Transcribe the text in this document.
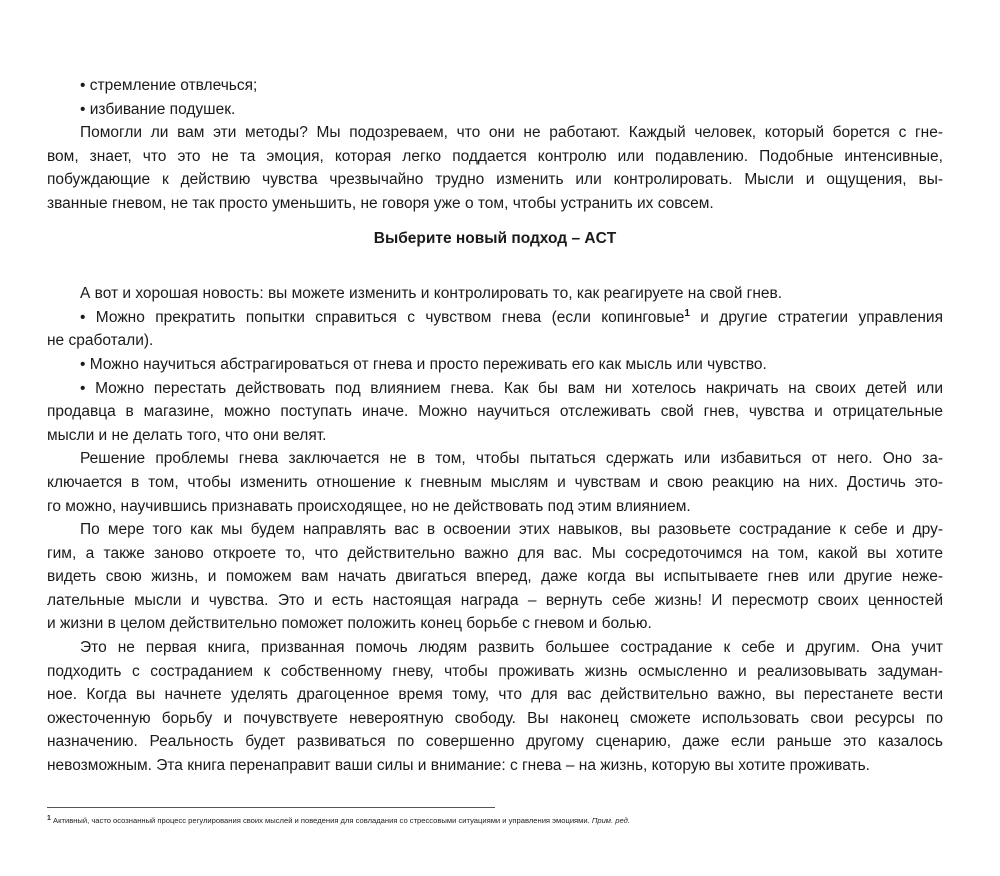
• стремление отвлечься;
• избивание подушек.
Помогли ли вам эти методы? Мы подозреваем, что они не работают. Каждый человек, который борется с гне-
вом, знает, что это не та эмоция, которая легко поддается контролю или подавлению. Подобные интенсивные,
побуждающие к действию чувства чрезвычайно трудно изменить или контролировать. Мысли и ощущения, вы-
званные гневом, не так просто уменьшить, не говоря уже о том, чтобы устранить их совсем.
Выберите новый подход – ACT
А вот и хорошая новость: вы можете изменить и контролировать то, как реагируете на свой гнев.
• Можно прекратить попытки справиться с чувством гнева (если копинговые$^1$ и другие стратегии управления
не сработали).
• Можно научиться абстрагироваться от гнева и просто переживать его как мысль или чувство.
• Можно перестать действовать под влиянием гнева. Как бы вам ни хотелось накричать на своих детей или
продавца в магазине, можно поступать иначе. Можно научиться отслеживать свой гнев, чувства и отрицательные
мысли и не делать того, что они велят.
Решение проблемы гнева заключается не в том, чтобы пытаться сдержать или избавиться от него. Оно за-
ключается в том, чтобы изменить отношение к гневным мыслям и чувствам и свою реакцию на них. Достичь это-
го можно, научившись признавать происходящее, но не действовать под этим влиянием.
По мере того как мы будем направлять вас в освоении этих навыков, вы разовьете сострадание к себе и дру-
гим, а также заново откроете то, что действительно важно для вас. Мы сосредоточимся на том, какой вы хотите
видеть свою жизнь, и поможем вам начать двигаться вперед, даже когда вы испытываете гнев или другие неже-
лательные мысли и чувства. Это и есть настоящая награда – вернуть себе жизнь! И пересмотр своих ценностей
и жизни в целом действительно поможет положить конец борьбе с гневом и болью.
Это не первая книга, призванная помочь людям развить большее сострадание к себе и другим. Она учит
подходить с состраданием к собственному гневу, чтобы проживать жизнь осмысленно и реализовывать задуман-
ное. Когда вы начнете уделять драгоценное время тому, что для вас действительно важно, вы перестанете вести
ожесточенную борьбу и почувствуете невероятную свободу. Вы наконец сможете использовать свои ресурсы по
назначению. Реальность будет развиваться по совершенно другому сценарию, даже если раньше это казалось
невозможным. Эта книга перенаправит ваши силы и внимание: с гнева – на жизнь, которую вы хотите проживать.
$^1$ Активный, часто осознанный процесс регулирования своих мыслей и поведения для совладания со стрессовыми ситуациями и управления эмоциями. Прим. ред.
